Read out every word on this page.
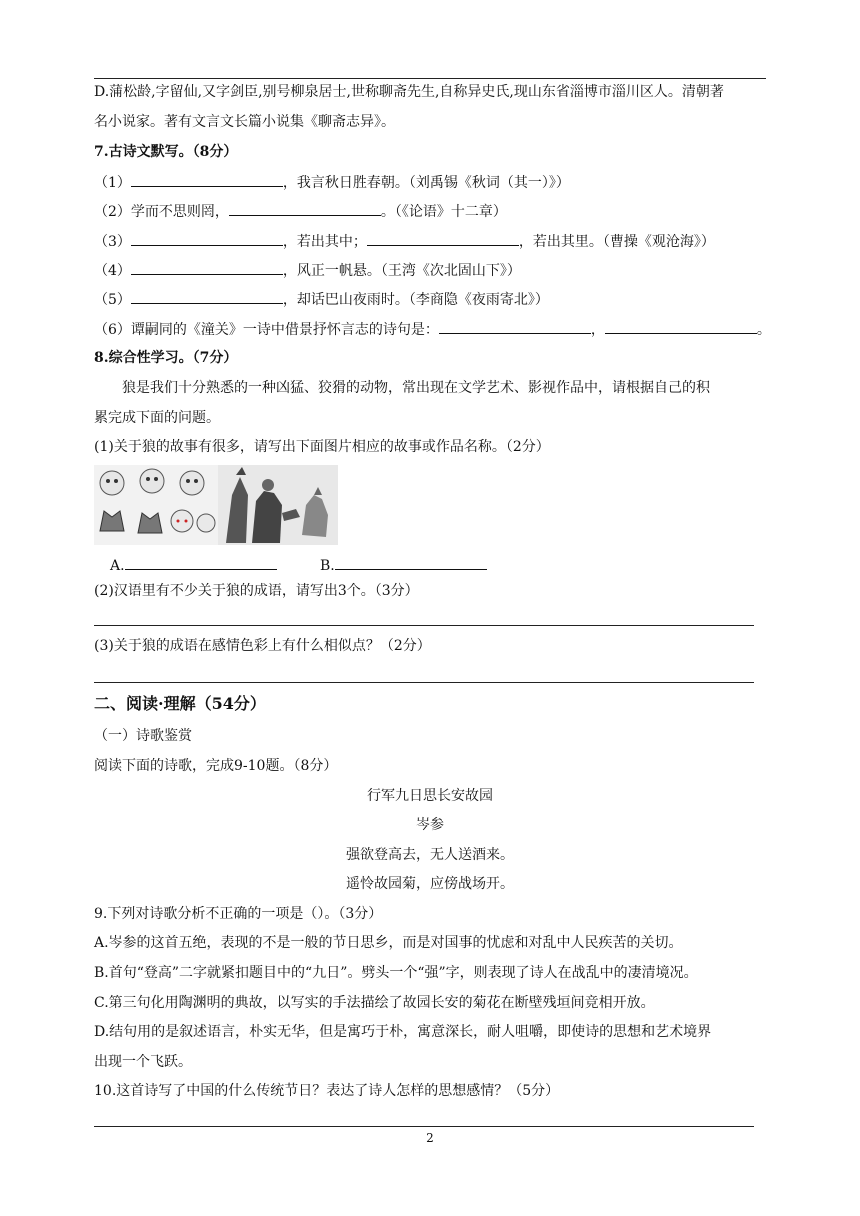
D.蒲松龄,字留仙,又字剑臣,别号柳泉居士,世称聊斋先生,自称异史氏,现山东省淄博市淄川区人。清朝著
名小说家。著有文言文长篇小说集《聊斋志异》。
7.古诗文默写。（8分）
（1）	，我言秋日胜春朝。（刘禹锡《秋词（其一）》）
（2）学而不思则罔，	。（《论语》十二章）
（3）	，若出其中；	，若出其里。（曹操《观沧海》）
（4）	，风正一帆悬。（王湾《次北固山下》）
（5）	，却话巴山夜雨时。（李商隐《夜雨寄北》）
（6）谭嗣同的《潼关》一诗中借景抒怀言志的诗句是：	，	。
8.综合性学习。（7分）
狼是我们十分熟悉的一种凶猛、狡猾的动物，常出现在文学艺术、影视作品中，请根据自己的积
累完成下面的问题。
(1)关于狼的故事有很多，请写出下面图片相应的故事或作品名称。（2分）
A.	B.
(2)汉语里有不少关于狼的成语，请写出3个。（3分）
(3)关于狼的成语在感情色彩上有什么相似点？（2分）
二、阅读·理解（54分）
（一）诗歌鉴赏
阅读下面的诗歌，完成9-10题。（8分）
行军九日思长安故园
岑参
强欲登高去，无人送酒来。
遥怜故园菊，应傍战场开。
9.下列对诗歌分析不正确的一项是（）。（3分）
A.岑参的这首五绝，表现的不是一般的节日思乡，而是对国事的忧虑和对乱中人民疾苦的关切。
B.首句“登高”二字就紧扣题目中的“九日”。劈头一个“强”字，则表现了诗人在战乱中的凄清境况。
C.第三句化用陶渊明的典故，以写实的手法描绘了故园长安的菊花在断壁残垣间竞相开放。
D.结句用的是叙述语言，朴实无华，但是寓巧于朴，寓意深长，耐人咀嚼，即使诗的思想和艺术境界
出现一个飞跃。
10.这首诗写了中国的什么传统节日？表达了诗人怎样的思想感情？（5分）
2
